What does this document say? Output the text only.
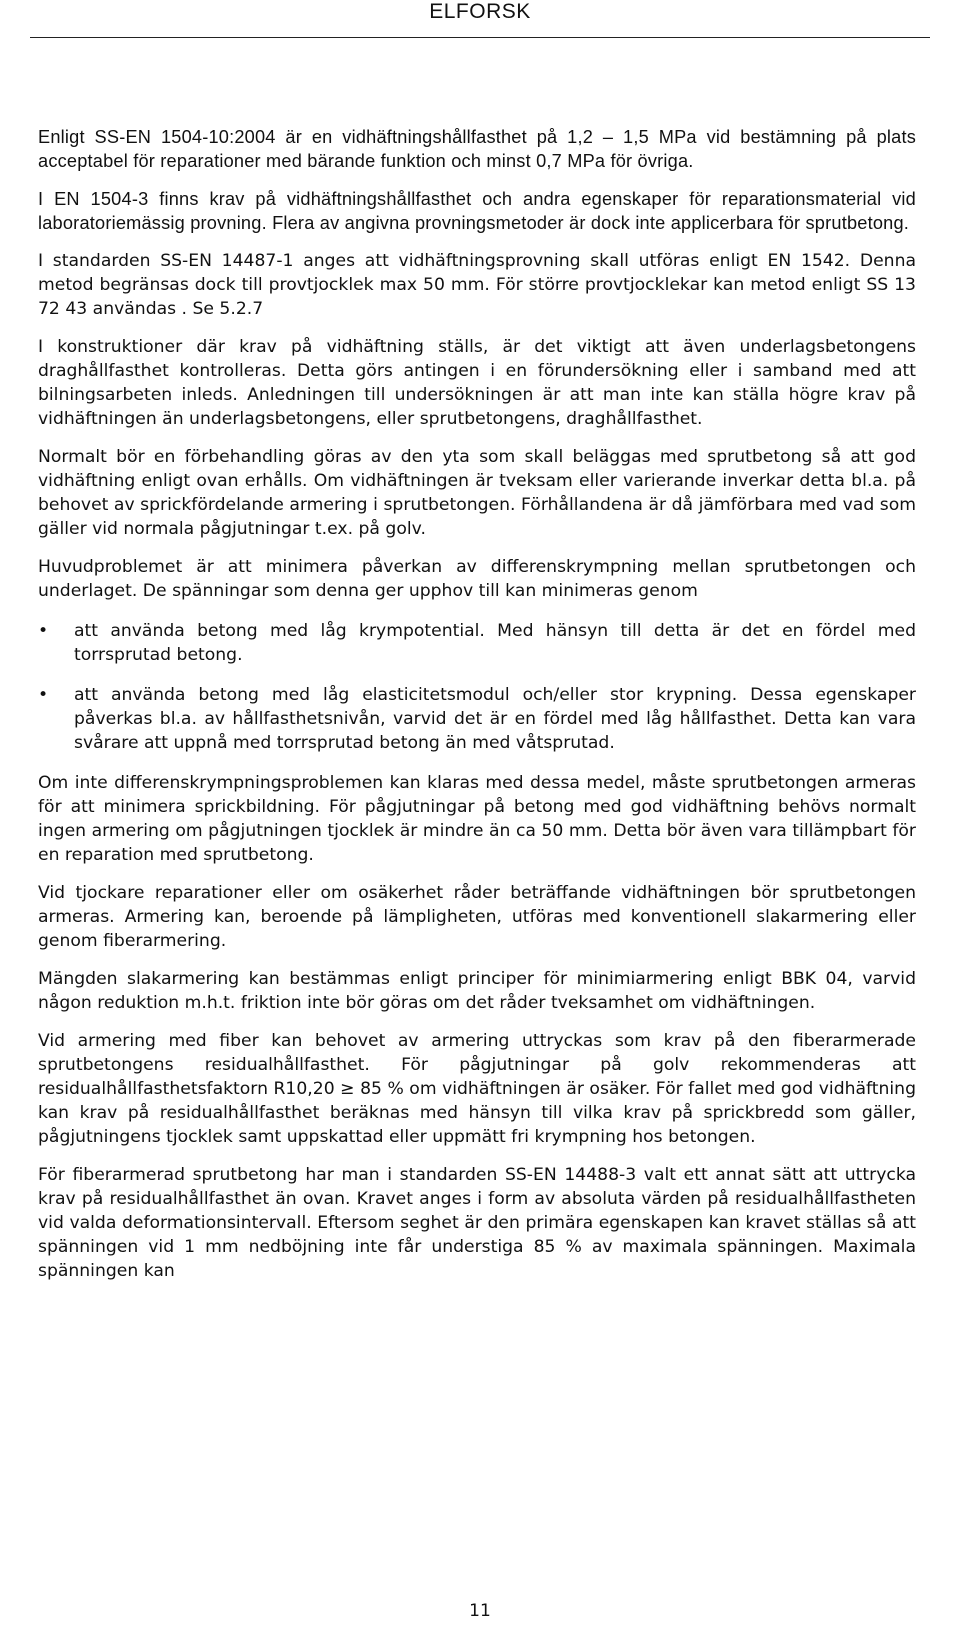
ELFORSK

Enligt SS-EN 1504-10:2004 är en vidhäftningshållfasthet på 1,2 – 1,5 MPa vid bestämning på plats acceptabel för reparationer med bärande funktion och minst 0,7 MPa för övriga.

I EN 1504-3 finns krav på vidhäftningshållfasthet och andra egenskaper för reparationsmaterial vid laboratoriemässig provning. Flera av angivna provningsmetoder är dock inte applicerbara för sprutbetong.

I standarden SS-EN 14487-1 anges att vidhäftningsprovning skall utföras enligt EN 1542. Denna metod begränsas dock till provtjocklek max 50 mm. För större provtjocklekar kan metod enligt SS 13 72 43 användas . Se 5.2.7

I konstruktioner där krav på vidhäftning ställs, är det viktigt att även underlagsbetongens draghållfasthet kontrolleras. Detta görs antingen i en förundersökning eller i samband med att bilningsarbeten inleds. Anledningen till undersökningen är att man inte kan ställa högre krav på vidhäftningen än underlagsbetongens, eller sprutbetongens, draghållfasthet.

Normalt bör en förbehandling göras av den yta som skall beläggas med sprutbetong så att god vidhäftning enligt ovan erhålls. Om vidhäftningen är tveksam eller varierande inverkar detta bl.a. på behovet av sprickfördelande armering i sprutbetongen. Förhållandena är då jämförbara med vad som gäller vid normala pågjutningar t.ex. på golv.

Huvudproblemet är att minimera påverkan av differenskrympning mellan sprutbetongen och underlaget. De spänningar som denna ger upphov till kan minimeras genom

• att använda betong med låg krympotential. Med hänsyn till detta är det en fördel med torrsprutad betong.
• att använda betong med låg elasticitetsmodul och/eller stor krypning. Dessa egenskaper påverkas bl.a. av hållfasthetsnivån, varvid det är en fördel med låg hållfasthet. Detta kan vara svårare att uppnå med torrsprutad betong än med våtsprutad.

Om inte differenskrympningsproblemen kan klaras med dessa medel, måste sprutbetongen armeras för att minimera sprickbildning. För pågjutningar på betong med god vidhäftning behövs normalt ingen armering om pågjutningen tjocklek är mindre än ca 50 mm. Detta bör även vara tillämpbart för en reparation med sprutbetong.

Vid tjockare reparationer eller om osäkerhet råder beträffande vidhäftningen bör sprutbetongen armeras. Armering kan, beroende på lämpligheten, utföras med konventionell slakarmering eller genom fiberarmering.

Mängden slakarmering kan bestämmas enligt principer för minimiarmering enligt BBK 04, varvid någon reduktion m.h.t. friktion inte bör göras om det råder tveksamhet om vidhäftningen.

Vid armering med fiber kan behovet av armering uttryckas som krav på den fiberarmerade sprutbetongens residualhållfasthet. För pågjutningar på golv rekommenderas att residualhållfasthetsfaktorn R10,20 ≥ 85 % om vidhäftningen är osäker. För fallet med god vidhäftning kan krav på residualhållfasthet beräknas med hänsyn till vilka krav på sprickbredd som gäller, pågjutningens tjocklek samt uppskattad eller uppmätt fri krympning hos betongen.

För fiberarmerad sprutbetong har man i standarden SS-EN 14488-3 valt ett annat sätt att uttrycka krav på residualhållfasthet än ovan. Kravet anges i form av absoluta värden på residualhållfastheten vid valda deformationsintervall. Eftersom seghet är den primära egenskapen kan kravet ställas så att spänningen vid 1 mm nedböjning inte får understiga 85 % av maximala spänningen. Maximala spänningen kan

11
